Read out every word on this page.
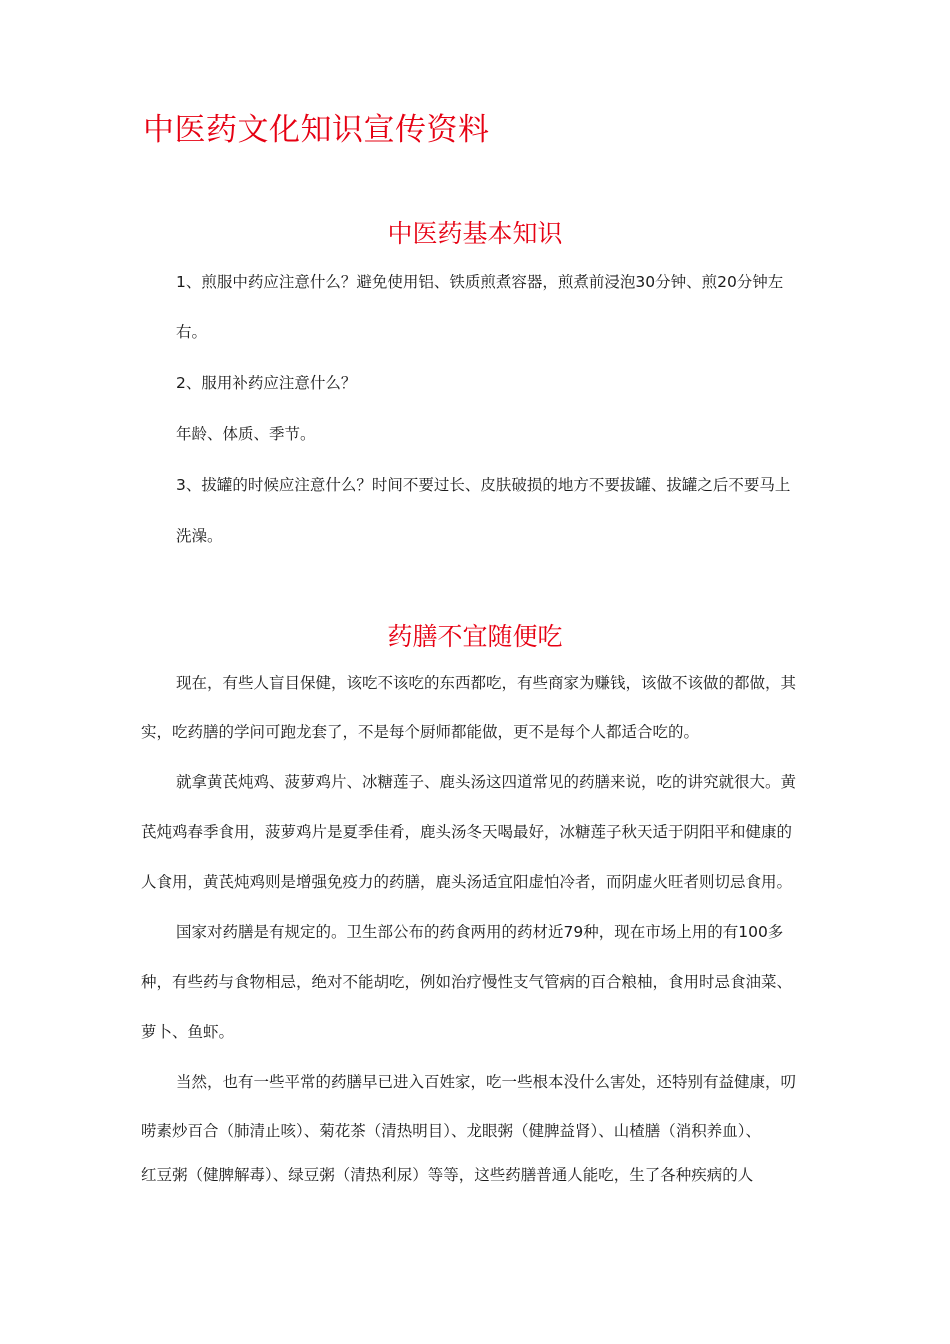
中医药文化知识宣传资料
中医药基本知识

1、煎服中药应注意什么？避免使用铝、铁质煎煮容器，煎煮前浸泡30分钟、煎20分钟左

右。

2、服用补药应注意什么？

年龄、体质、季节。

3、拔罐的时候应注意什么？时间不要过长、皮肤破损的地方不要拔罐、拔罐之后不要马上

洗澡。

药膳不宜随便吃

现在，有些人盲目保健，该吃不该吃的东西都吃，有些商家为赚钱，该做不该做的都做，其

实，吃药膳的学问可跑龙套了，不是每个厨师都能做，更不是每个人都适合吃的。

就拿黄芪炖鸡、菠萝鸡片、冰糖莲子、鹿头汤这四道常见的药膳来说，吃的讲究就很大。黄

芪炖鸡春季食用，菠萝鸡片是夏季佳肴，鹿头汤冬天喝最好，冰糖莲子秋天适于阴阳平和健康的

人食用，黄芪炖鸡则是增强免疫力的药膳，鹿头汤适宜阳虚怕冷者，而阴虚火旺者则切忌食用。

国家对药膳是有规定的。卫生部公布的药食两用的药材近79种，现在市场上用的有100多

种，有些药与食物相忌，绝对不能胡吃，例如治疗慢性支气管病的百合粮柚，食用时忌食油菜、

萝卜、鱼虾。

当然，也有一些平常的药膳早已进入百姓家，吃一些根本没什么害处，还特别有益健康，叨

唠素炒百合（肺清止咳）、菊花茶（清热明目）、龙眼粥（健脾益肾）、山楂膳（消积养血）、

红豆粥（健脾解毒）、绿豆粥（清热利尿）等等，这些药膳普通人能吃，生了各种疾病的人
